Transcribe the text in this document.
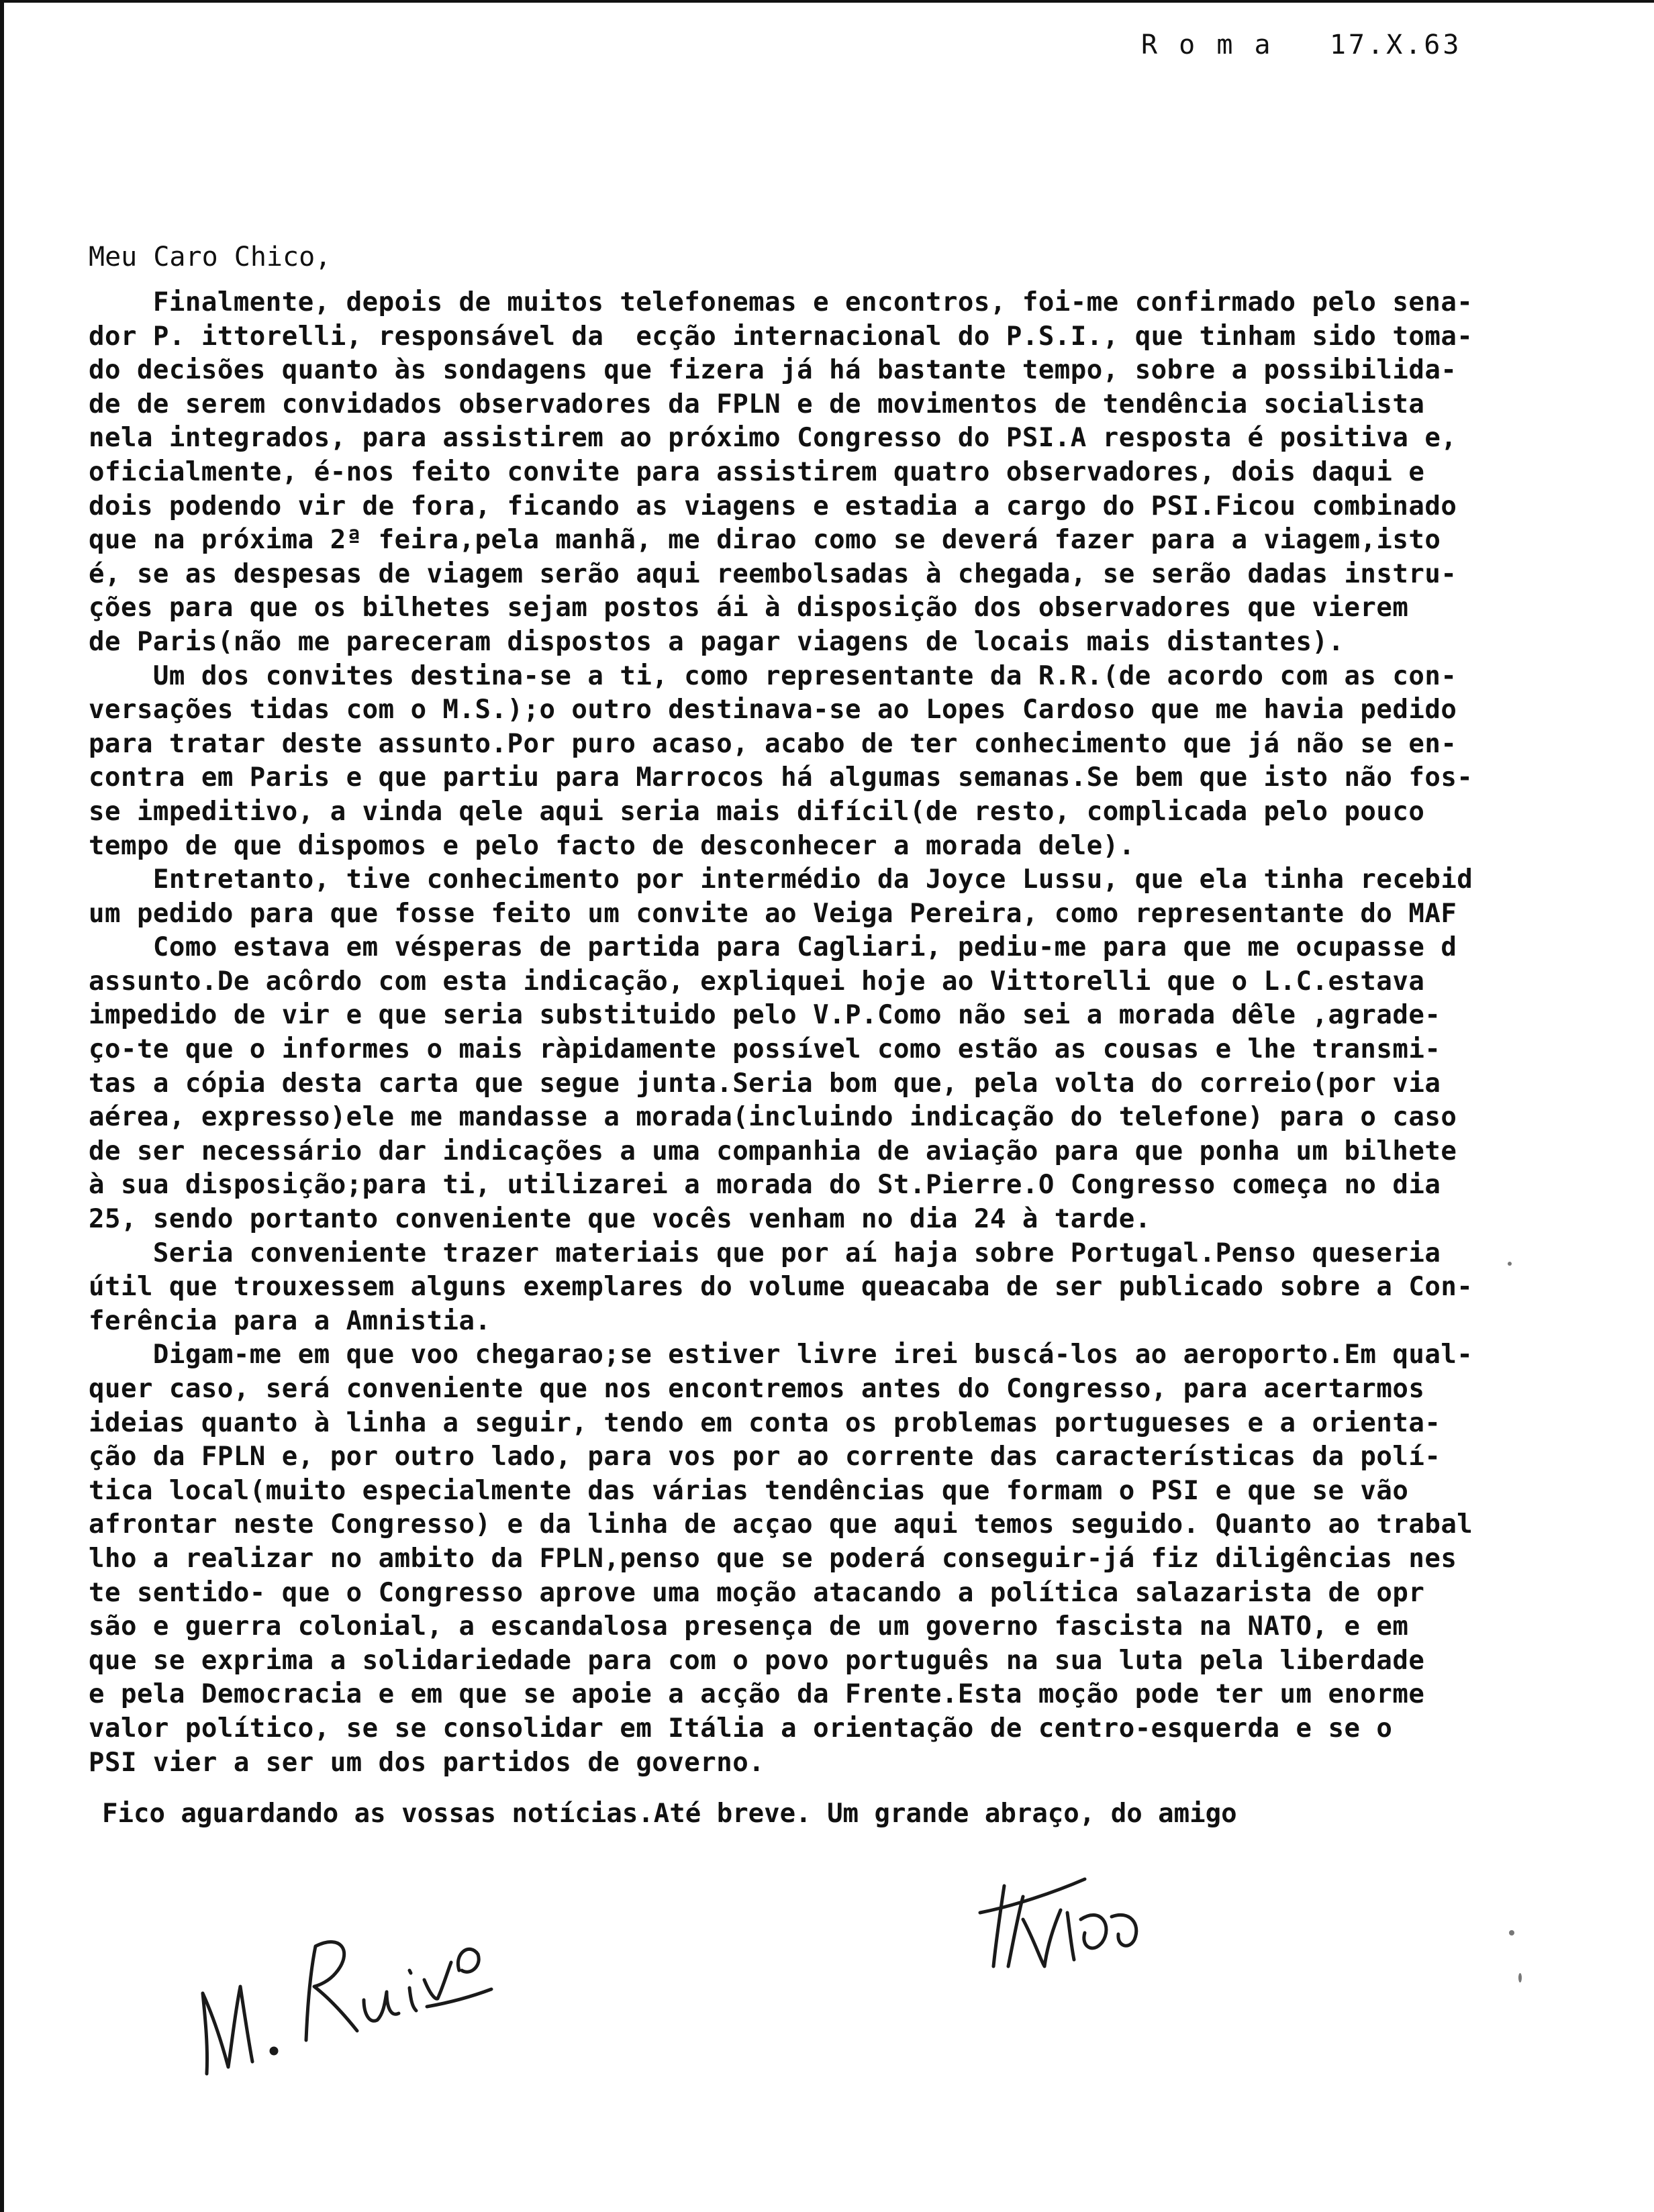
R o m a   17.X.63
Meu Caro Chico,
Finalmente, depois de muitos telefonemas e encontros, foi-me confirmado pelo sena-
dor P. ittorelli, responsável da  ecção internacional do P.S.I., que tinham sido toma-
do decisões quanto às sondagens que fizera já há bastante tempo, sobre a possibilida-
de de serem convidados observadores da FPLN e de movimentos de tendência socialista
nela integrados, para assistirem ao próximo Congresso do PSI.A resposta é positiva e,
oficialmente, é-nos feito convite para assistirem quatro observadores, dois daqui e
dois podendo vir de fora, ficando as viagens e estadia a cargo do PSI.Ficou combinado
que na próxima 2ª feira,pela manhã, me dirao como se deverá fazer para a viagem,isto
é, se as despesas de viagem serão aqui reembolsadas à chegada, se serão dadas instru-
ções para que os bilhetes sejam postos ái à disposição dos observadores que vierem
de Paris(não me pareceram dispostos a pagar viagens de locais mais distantes).
Um dos convites destina-se a ti, como representante da R.R.(de acordo com as con-
versações tidas com o M.S.);o outro destinava-se ao Lopes Cardoso que me havia pedido
para tratar deste assunto.Por puro acaso, acabo de ter conhecimento que já não se en-
contra em Paris e que partiu para Marrocos há algumas semanas.Se bem que isto não fos-
se impeditivo, a vinda qele aqui seria mais difícil(de resto, complicada pelo pouco
tempo de que dispomos e pelo facto de desconhecer a morada dele).
Entretanto, tive conhecimento por intermédio da Joyce Lussu, que ela tinha recebid
um pedido para que fosse feito um convite ao Veiga Pereira, como representante do MAF
Como estava em vésperas de partida para Cagliari, pediu-me para que me ocupasse d
assunto.De acôrdo com esta indicação, expliquei hoje ao Vittorelli que o L.C.estava
impedido de vir e que seria substituido pelo V.P.Como não sei a morada dêle ,agrade-
ço-te que o informes o mais ràpidamente possível como estão as cousas e lhe transmi-
tas a cópia desta carta que segue junta.Seria bom que, pela volta do correio(por via
aérea, expresso)ele me mandasse a morada(incluindo indicação do telefone) para o caso
de ser necessário dar indicações a uma companhia de aviação para que ponha um bilhete
à sua disposição;para ti, utilizarei a morada do St.Pierre.O Congresso começa no dia
25, sendo portanto conveniente que vocês venham no dia 24 à tarde.
Seria conveniente trazer materiais que por aí haja sobre Portugal.Penso queseria
útil que trouxessem alguns exemplares do volume queacaba de ser publicado sobre a Con-
ferência para a Amnistia.
Digam-me em que voo chegarao;se estiver livre irei buscá-los ao aeroporto.Em qual-
quer caso, será conveniente que nos encontremos antes do Congresso, para acertarmos
ideias quanto à linha a seguir, tendo em conta os problemas portugueses e a orienta-
ção da FPLN e, por outro lado, para vos por ao corrente das características da polí-
tica local(muito especialmente das várias tendências que formam o PSI e que se vão
afrontar neste Congresso) e da linha de acçao que aqui temos seguido. Quanto ao trabal
lho a realizar no ambito da FPLN,penso que se poderá conseguir-já fiz diligências nes
te sentido- que o Congresso aprove uma moção atacando a política salazarista de opr
são e guerra colonial, a escandalosa presença de um governo fascista na NATO, e em
que se exprima a solidariedade para com o povo português na sua luta pela liberdade
e pela Democracia e em que se apoie a acção da Frente.Esta moção pode ter um enorme
valor político, se se consolidar em Itália a orientação de centro-esquerda e se o
PSI vier a ser um dos partidos de governo.
Fico aguardando as vossas notícias.Até breve. Um grande abraço, do amigo
